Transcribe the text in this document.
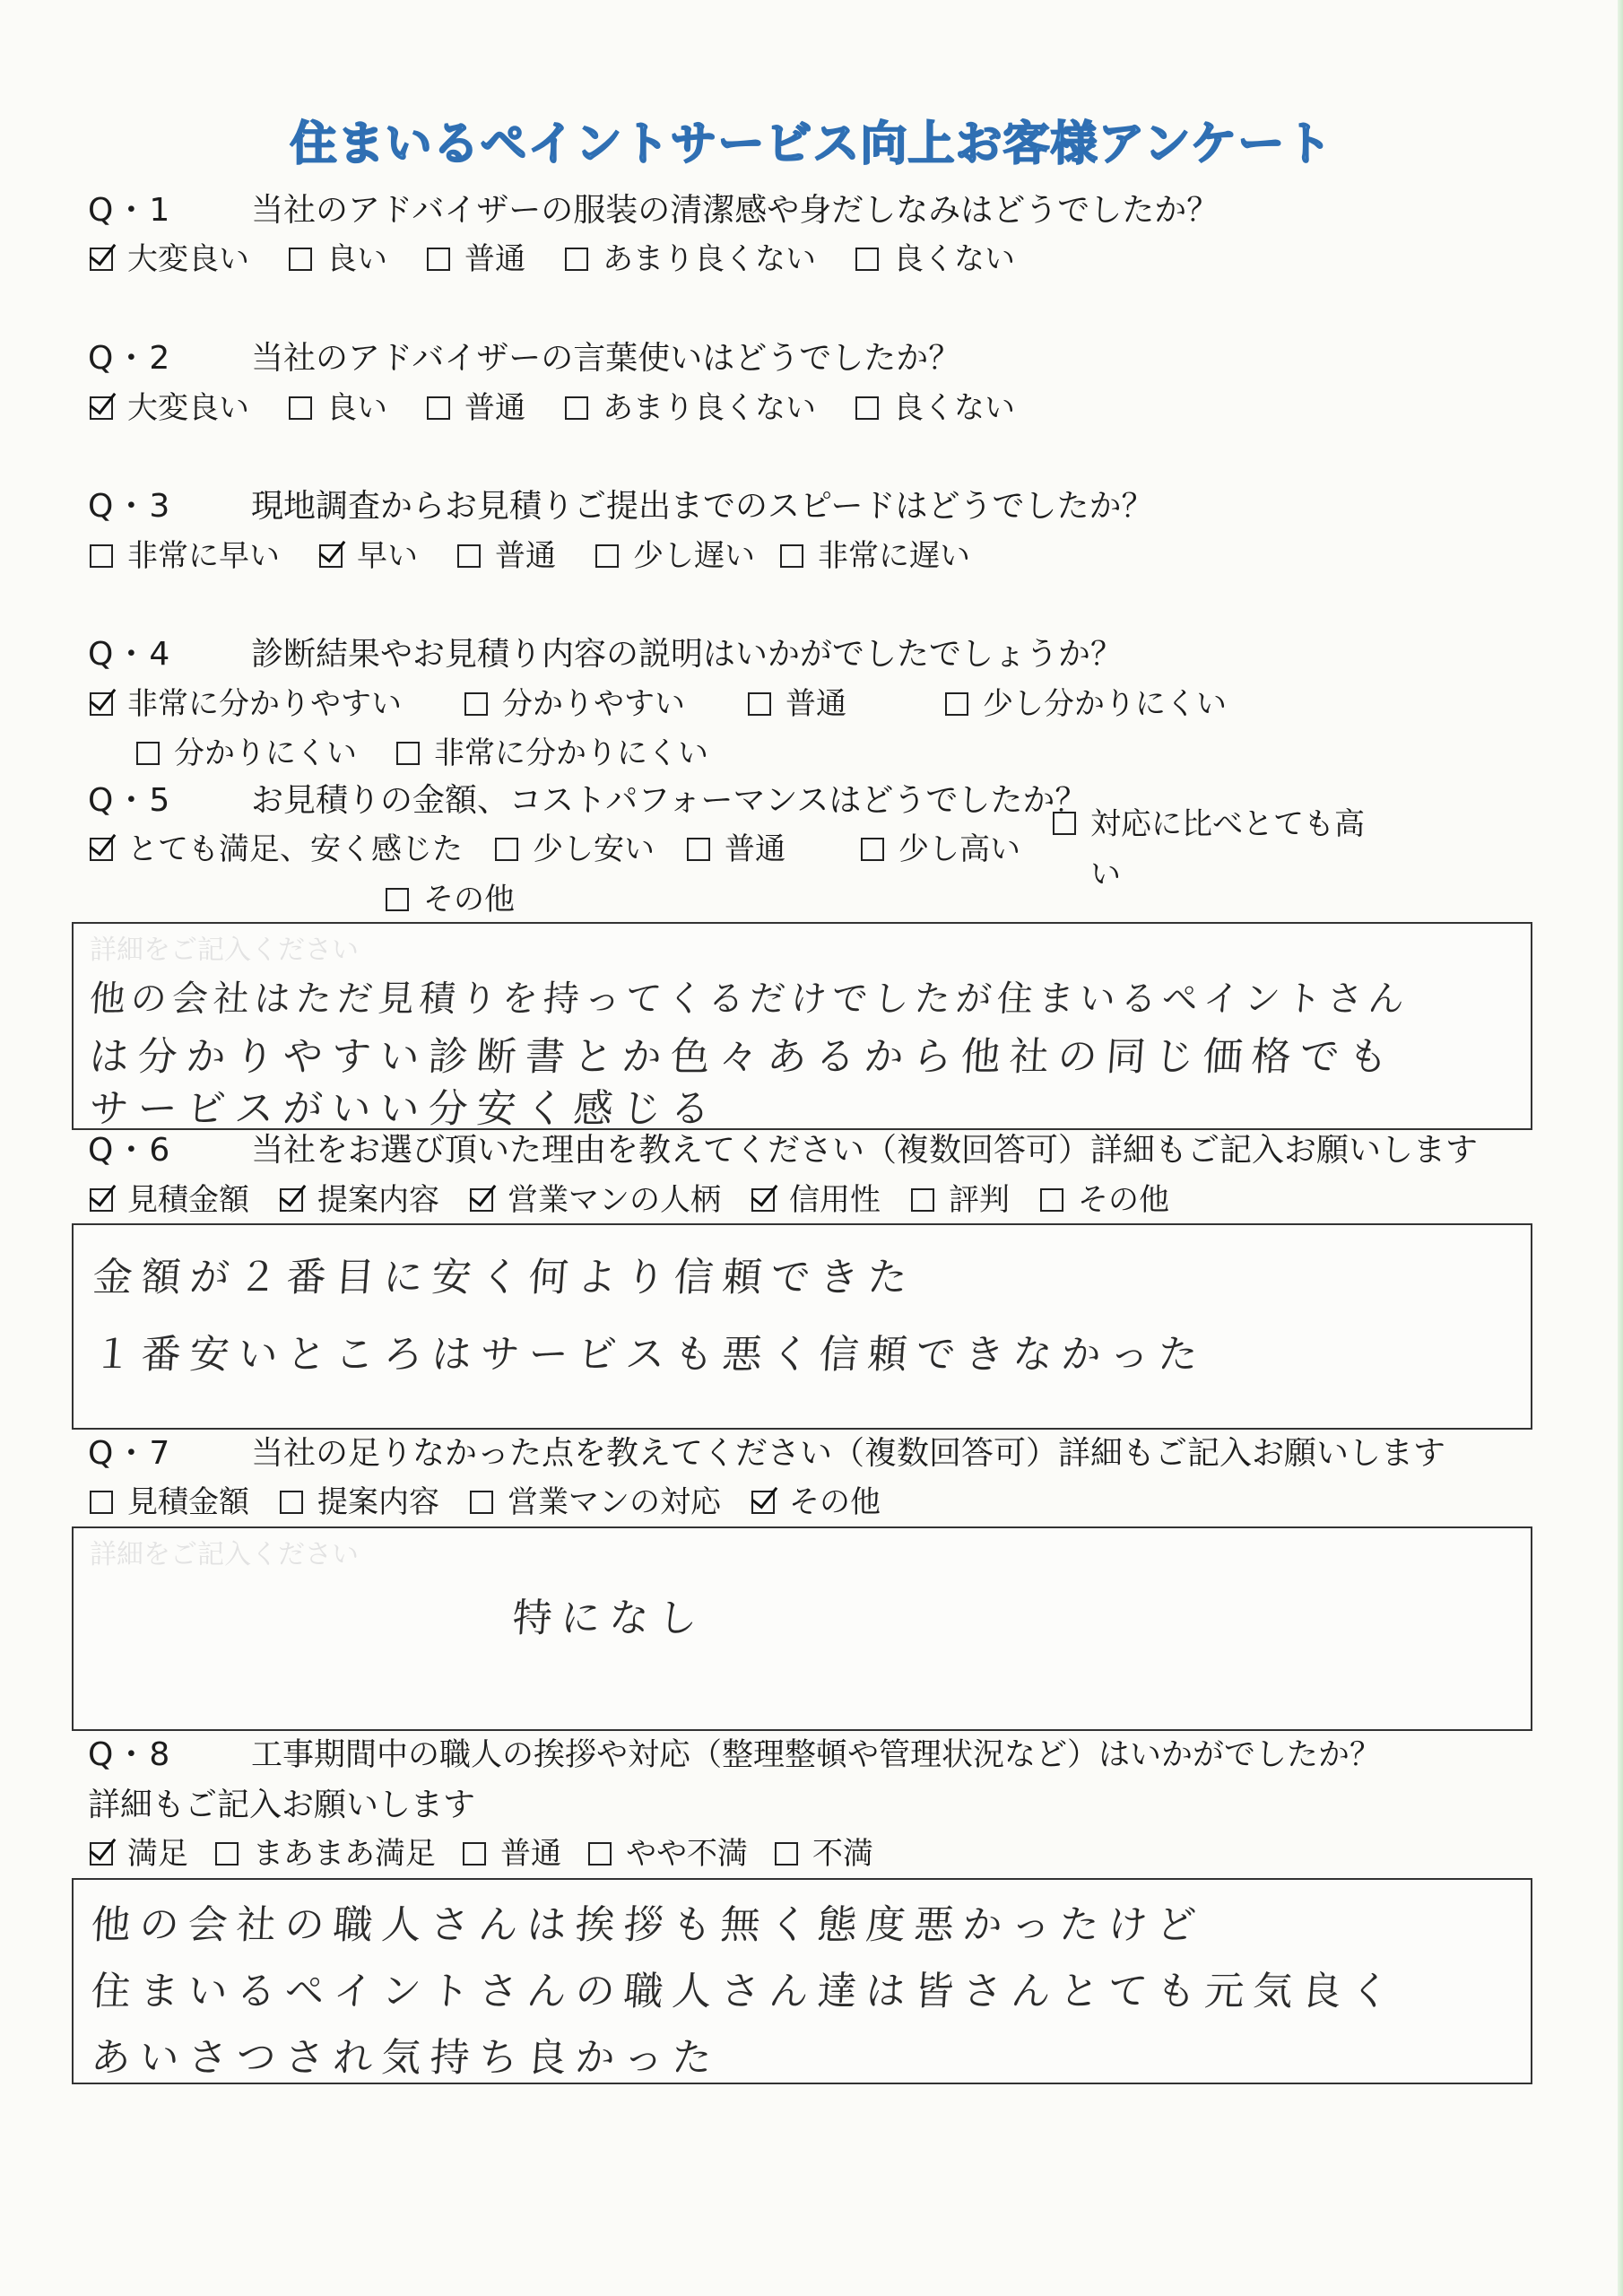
住まいるペイントサービス向上お客様アンケート
Q・1 当社のアドバイザーの服装の清潔感や身だしなみはどうでしたか？
大変良い	良い	普通	あまり良くない	良くない
Q・2 当社のアドバイザーの言葉使いはどうでしたか？
大変良い	良い	普通	あまり良くない	良くない
Q・3 現地調査からお見積りご提出までのスピードはどうでしたか？
非常に早い	早い	普通	少し遅い 非常に遅い
Q・4 診断結果やお見積り内容の説明はいかがでしたでしょうか？
非常に分かりやすい	分かりやすい	普通	少し分かりにくい
分かりにくい	非常に分かりにくい
Q・5 お見積りの金額、コストパフォーマンスはどうでしたか？
とても満足、安く感じた 少し安い 普通	少し高い
対応に比べとても高い
その他
詳細をご記入ください
他の会社はただ見積りを持ってくるだけでしたが住まいるペイントさん
は分かりやすい診断書とか色々あるから他社の同じ価格でも
サービスがいい分安く感じる
Q・6 当社をお選び頂いた理由を教えてください（複数回答可）詳細もご記入お願いします
見積金額 提案内容 営業マンの人柄 信用性 評判 その他
金額が２番目に安く何より信頼できた
１番安いところはサービスも悪く信頼できなかった
Q・7 当社の足りなかった点を教えてください（複数回答可）詳細もご記入お願いします
見積金額 提案内容 営業マンの対応 その他
詳細をご記入ください
特になし
Q・8	工事期間中の職人の挨拶や対応（整理整頓や管理状況など）はいかがでしたか？
詳細もご記入お願いします
満足 まあまあ満足 普通 やや不満 不満
他の会社の職人さんは挨拶も無く態度悪かったけど
住まいるペイントさんの職人さん達は皆さんとても元気良く
あいさつされ気持ち良かった
